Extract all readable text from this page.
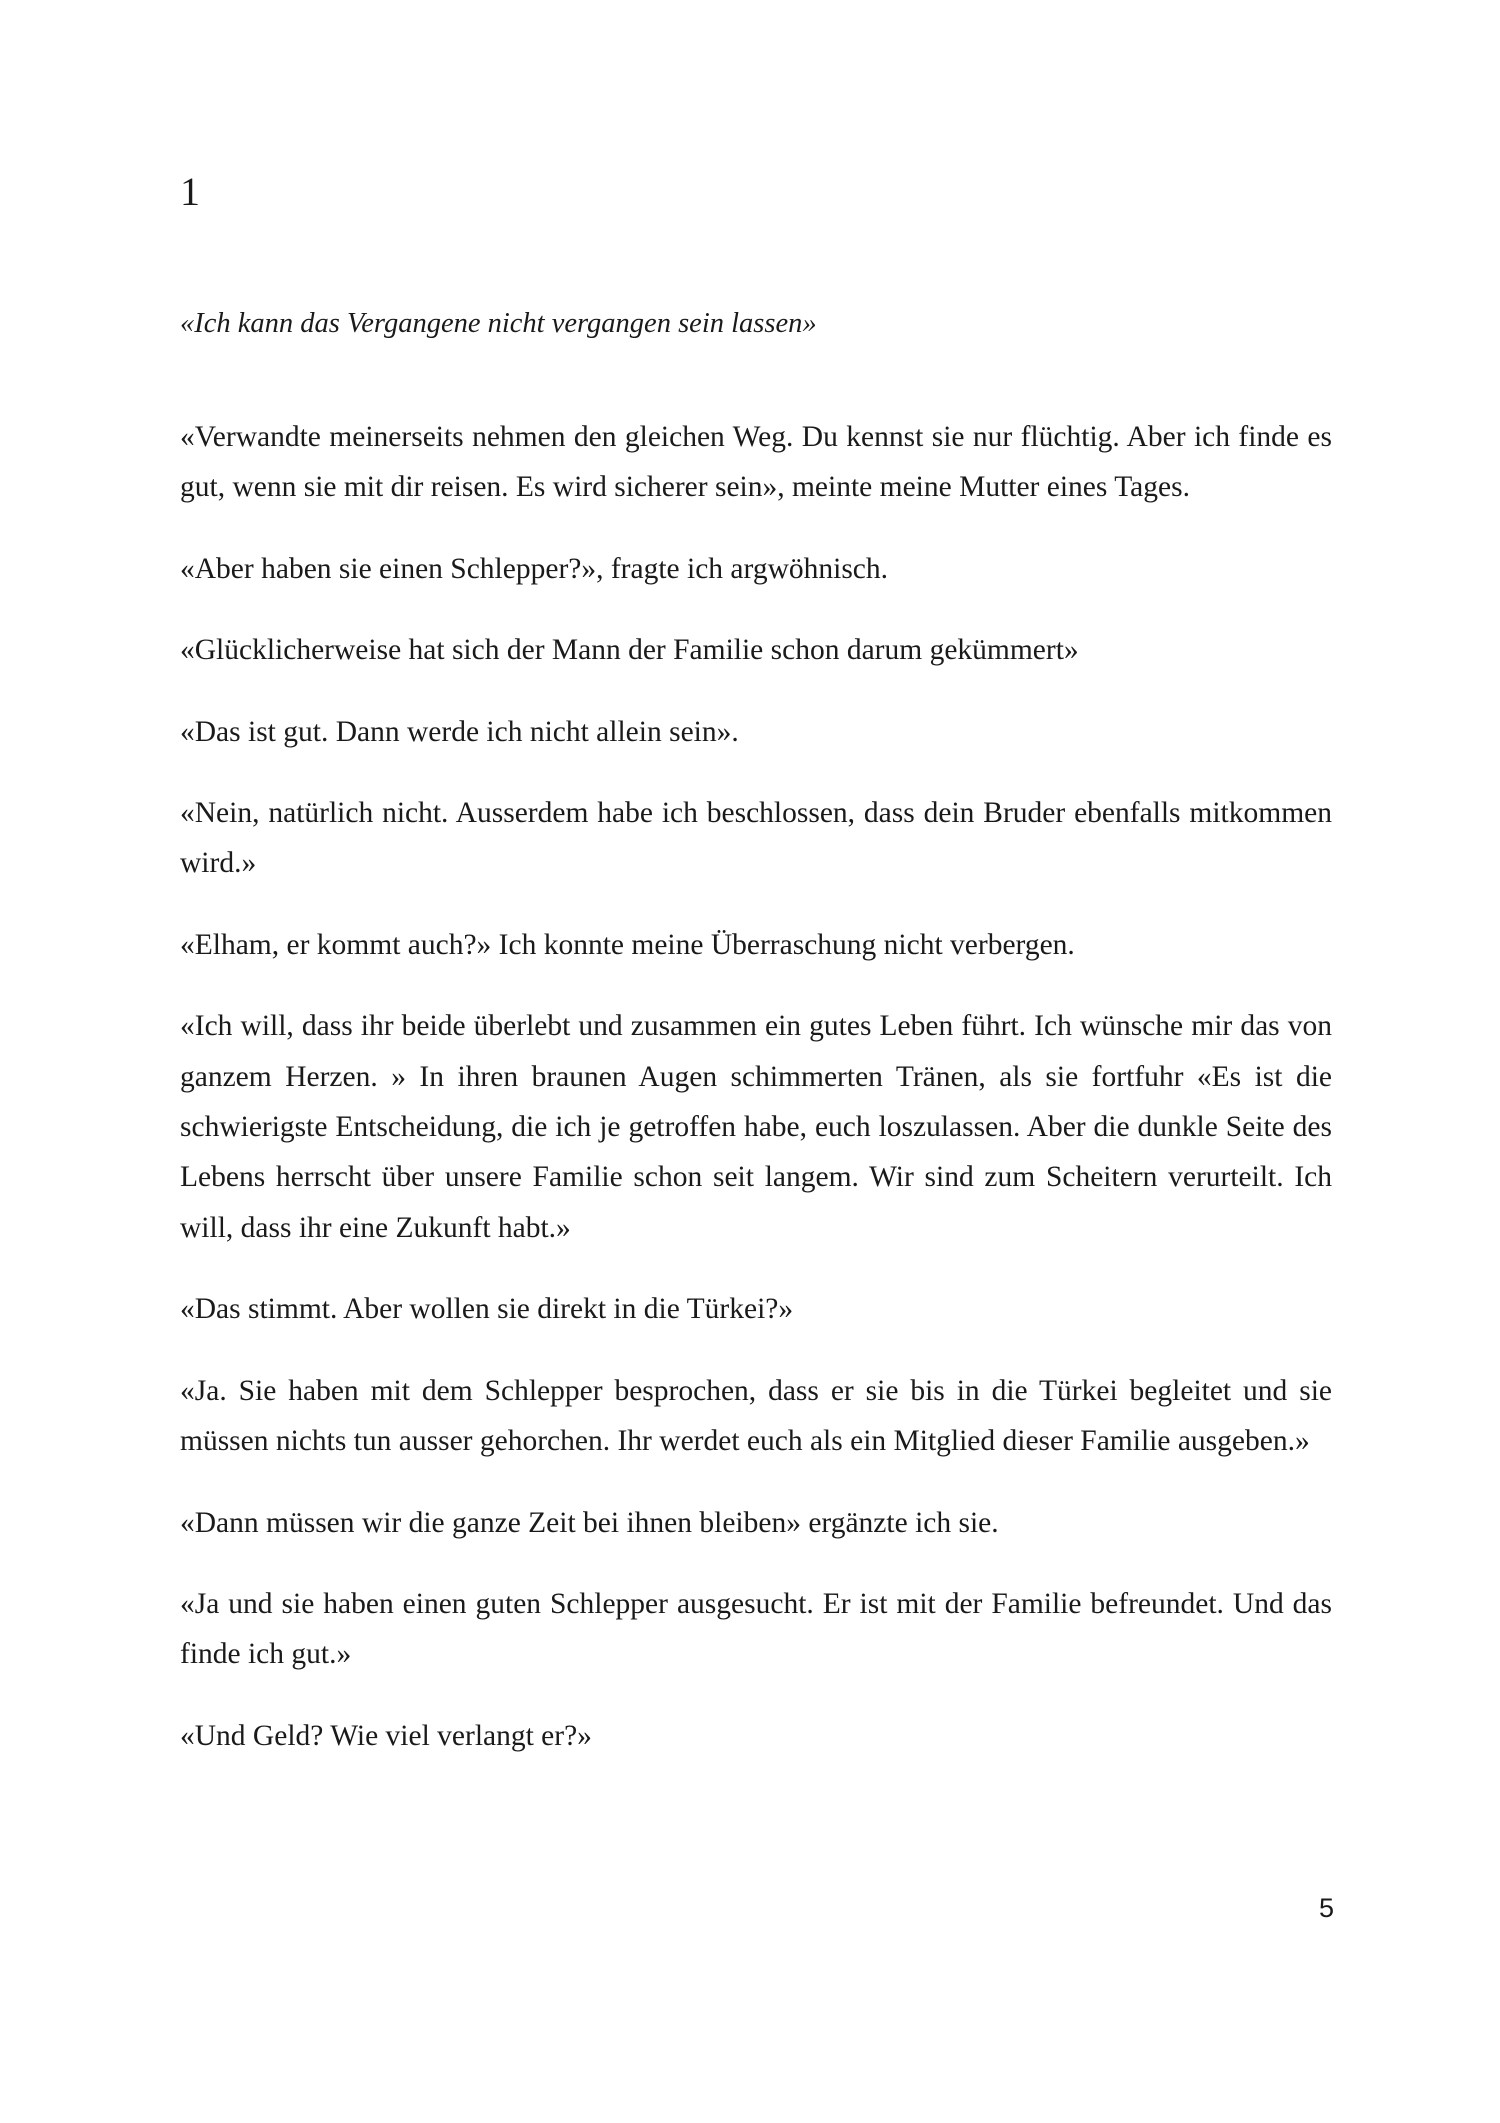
1

«Ich kann das Vergangene nicht vergangen sein lassen»

«Verwandte meinerseits nehmen den gleichen Weg. Du kennst sie nur flüchtig. Aber ich finde es gut, wenn sie mit dir reisen. Es wird sicherer sein», meinte meine Mutter eines Tages.

«Aber haben sie einen Schlepper?», fragte ich argwöhnisch.

«Glücklicherweise hat sich der Mann der Familie schon darum gekümmert»

«Das ist gut. Dann werde ich nicht allein sein».

«Nein, natürlich nicht. Ausserdem habe ich beschlossen, dass dein Bruder ebenfalls mitkommen wird.»

«Elham, er kommt auch?» Ich konnte meine Überraschung nicht verbergen.

«Ich will, dass ihr beide überlebt und zusammen ein gutes Leben führt. Ich wünsche mir das von ganzem Herzen. » In ihren braunen Augen schimmerten Tränen, als sie fortfuhr «Es ist die schwierigste Entscheidung, die ich je getroffen habe, euch loszulassen. Aber die dunkle Seite des Lebens herrscht über unsere Familie schon seit langem. Wir sind zum Scheitern verurteilt. Ich will, dass ihr eine Zukunft habt.»

«Das stimmt. Aber wollen sie direkt in die Türkei?»

«Ja. Sie haben mit dem Schlepper besprochen, dass er sie bis in die Türkei begleitet und sie müssen nichts tun ausser gehorchen. Ihr werdet euch als ein Mitglied dieser Familie ausgeben.»

«Dann müssen wir die ganze Zeit bei ihnen bleiben» ergänzte ich sie.

«Ja und sie haben einen guten Schlepper ausgesucht. Er ist mit der Familie befreundet. Und das finde ich gut.»

«Und Geld? Wie viel verlangt er?»

5
